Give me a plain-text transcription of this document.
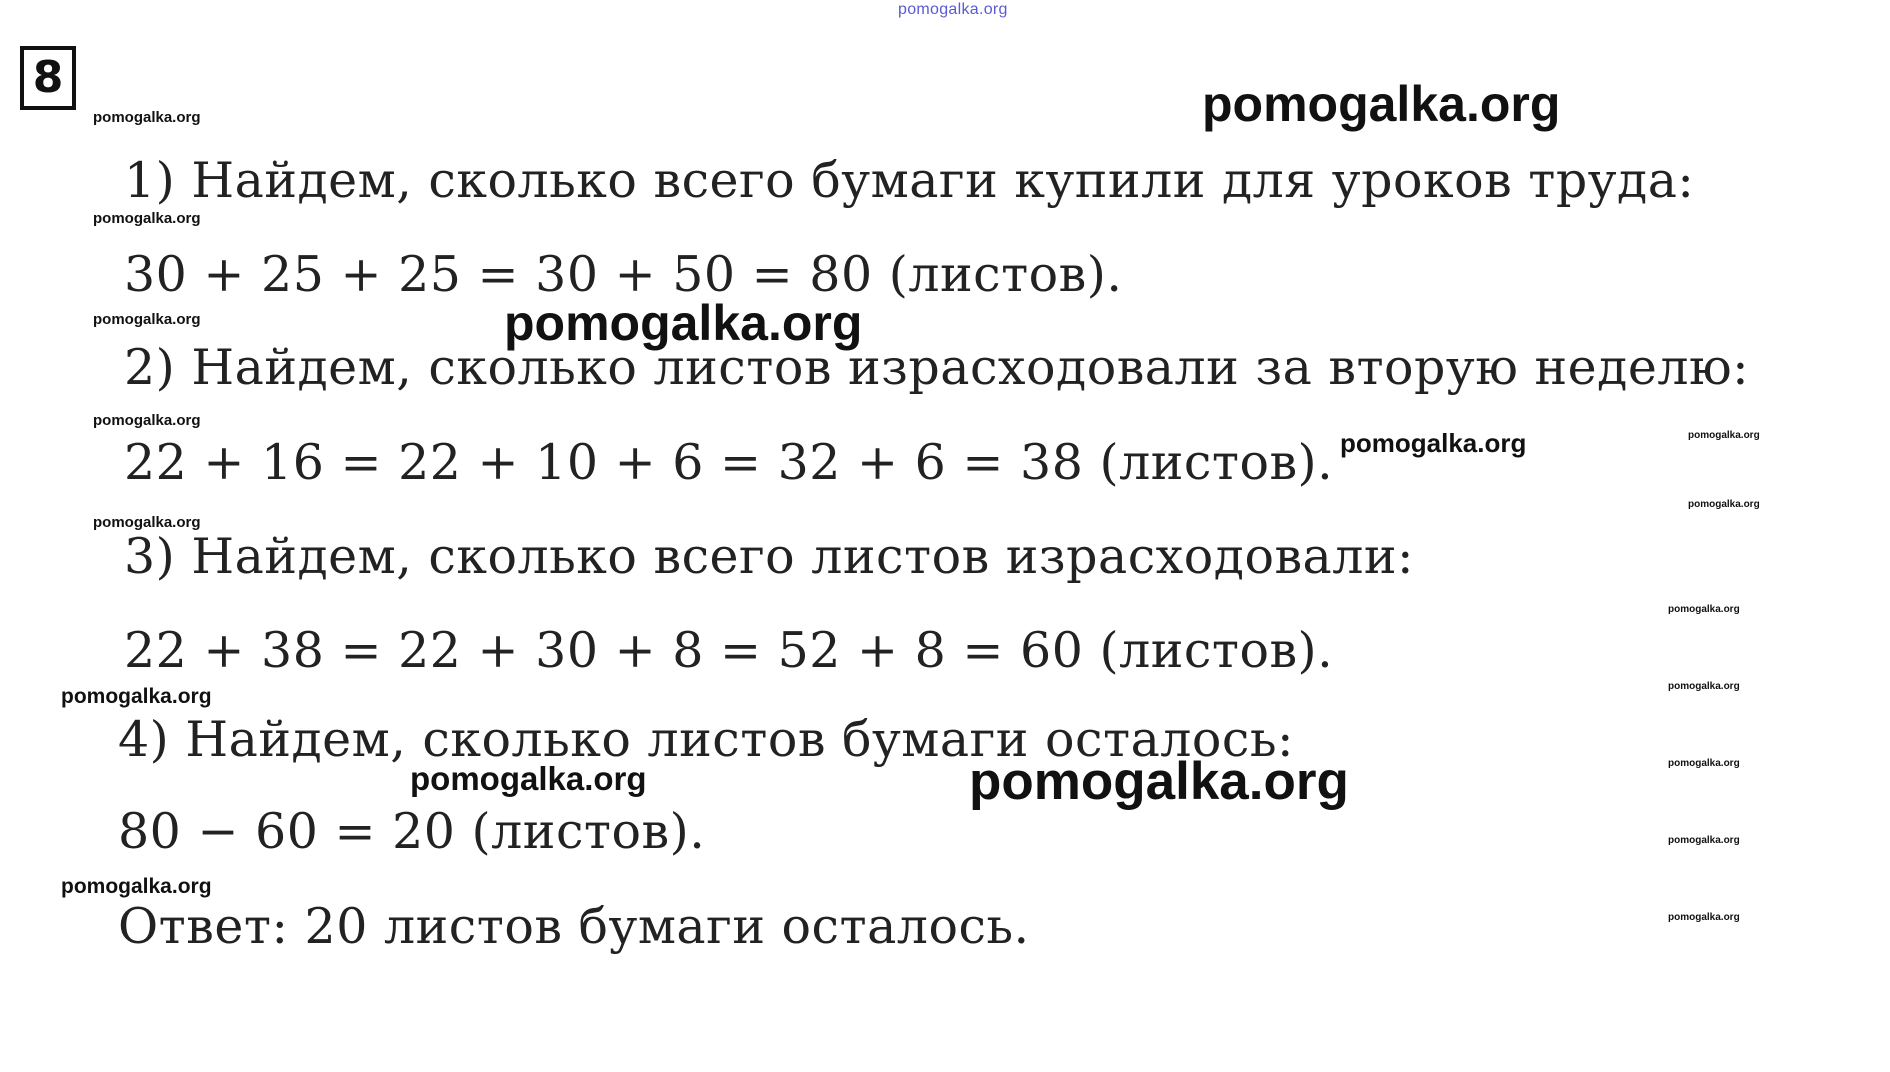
pomogalka.org
8
1) Найдем, сколько всего бумаги купили для уроков труда:
30 + 25 + 25 = 30 + 50 = 80 (листов).
2) Найдем, сколько листов израсходовали за вторую неделю:
22 + 16 = 22 + 10 + 6 = 32 + 6 = 38 (листов).
3) Найдем, сколько всего листов израсходовали:
22 + 38 = 22 + 30 + 8 = 52 + 8 = 60 (листов).
4) Найдем, сколько листов бумаги осталось:
80 − 60 = 20 (листов).
Ответ: 20 листов бумаги осталось.
pomogalka.org
pomogalka.org
pomogalka.org
pomogalka.org	pomogalka.org
pomogalka.org
pomogalka.org	pomogalka.org
pomogalka.org
pomogalka.org
pomogalka.org
pomogalka.org	pomogalka.org
pomogalka.org	pomogalka.org	pomogalka.org
pomogalka.org
pomogalka.org
pomogalka.org
